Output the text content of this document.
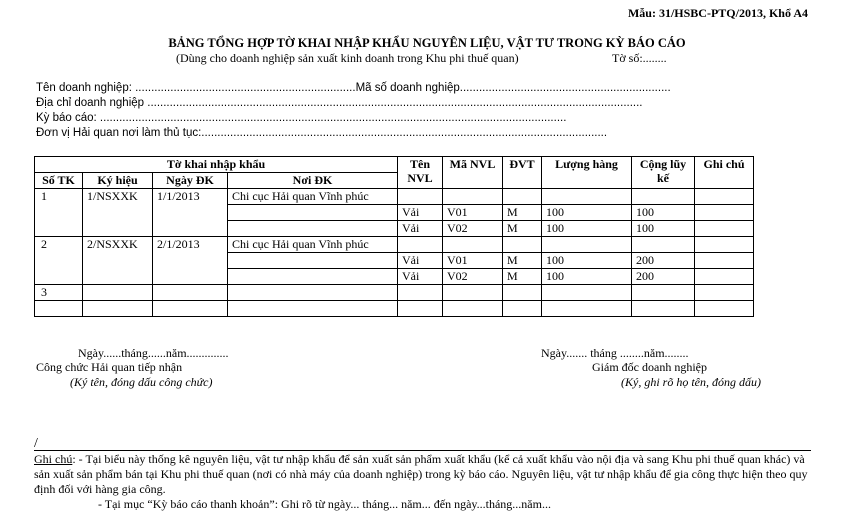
Mẫu: 31/HSBC-PTQ/2013, Khổ A4
BẢNG TỔNG HỢP TỜ KHAI NHẬP KHẨU NGUYÊN LIỆU, VẬT TƯ TRONG KỲ BÁO CÁO
(Dùng cho doanh nghiệp sản xuất kinh doanh trong Khu phi thuế quan)	Tờ số:........
Tên doanh nghiệp: .....................................................................Mã số doanh nghiệp..................................................................
Địa chỉ doanh nghiệp ...........................................................................................................................................................
Kỳ báo cáo: ..................................................................................................................................................
Đơn vị Hải quan nơi làm thủ tục:...............................................................................................................................
Tờ khai nhập khẩu				Tên NVL	Mã NVL	ĐVT	Lượng hàng	Cộng lũy kế	Ghi chú
Số TK	Ký hiệu	Ngày ĐK	Nơi ĐK						
1	1/NSXXK	1/1/2013	Chi cục Hải quan Vĩnh phúc						
				Vải	V01	M	100	100	
				Vải	V02	M	100	100	
2	2/NSXXK	2/1/2013	Chi cục Hải quan Vĩnh phúc						
				Vải	V01	M	100	200	
				Vải	V02	M	100	200	
3									

Ngày......tháng......năm..............
Công chức Hải quan tiếp nhận
(Ký tên, đóng dấu công chức)
Ngày....... tháng ........năm........
Giám đốc doanh nghiệp
(Ký, ghi rõ họ tên, đóng dấu)
/
Ghi chú: - Tại biểu này thống kê nguyên liệu, vật tư nhập khẩu để sản xuất sản phẩm xuất khẩu (kể cả xuất khẩu vào nội địa và sang Khu phi thuế quan khác) và sản xuất sản phẩm bán tại Khu phi thuế quan (nơi có nhà máy của doanh nghiệp) trong kỳ báo cáo. Nguyên liệu, vật tư nhập khẩu để gia công thực hiện theo quy định đối với hàng gia công.
- Tại mục “Kỳ báo cáo thanh khoản”: Ghi rõ từ ngày... tháng... năm... đến ngày...tháng...năm...
